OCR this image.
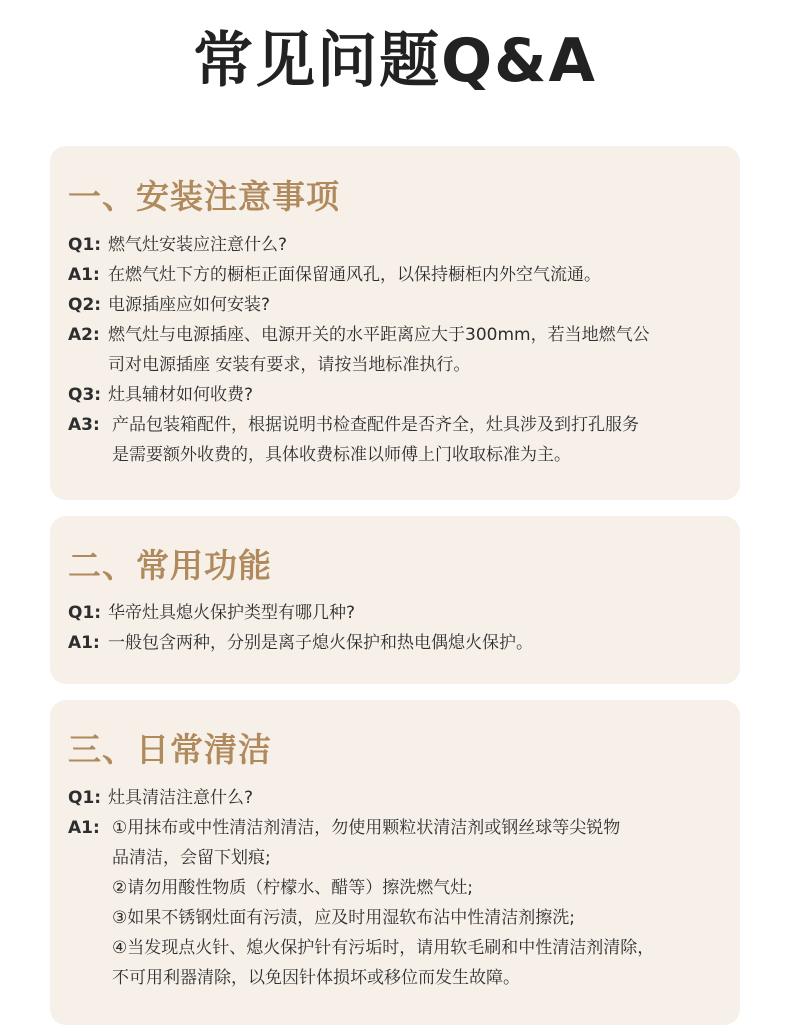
常见问题Q&A
一、安装注意事项
Q1: 燃气灶安装应注意什么?
A1: 在燃气灶下方的橱柜正面保留通风孔，以保持橱柜内外空气流通。
Q2: 电源插座应如何安装?
A2: 燃气灶与电源插座、电源开关的水平距离应大于300mm，若当地燃气公
司对电源插座 安装有要求，请按当地标准执行。
Q3: 灶具辅材如何收费?
A3: 产品包装箱配件，根据说明书检查配件是否齐全，灶具涉及到打孔服务
是需要额外收费的，具体收费标准以师傅上门收取标准为主。
二、常用功能
Q1: 华帝灶具熄火保护类型有哪几种?
A1: 一般包含两种，分别是离子熄火保护和热电偶熄火保护。
三、日常清洁
Q1: 灶具清洁注意什么?
A1: ①用抹布或中性清洁剂清洁，勿使用颗粒状清洁剂或钢丝球等尖锐物
品清洁，会留下划痕;
②请勿用酸性物质（柠檬水、醋等）擦洗燃气灶;
③如果不锈钢灶面有污渍，应及时用湿软布沾中性清洁剂擦洗;
④当发现点火针、熄火保护针有污垢时，请用软毛刷和中性清洁剂清除，
不可用利器清除，以免因针体损坏或移位而发生故障。
